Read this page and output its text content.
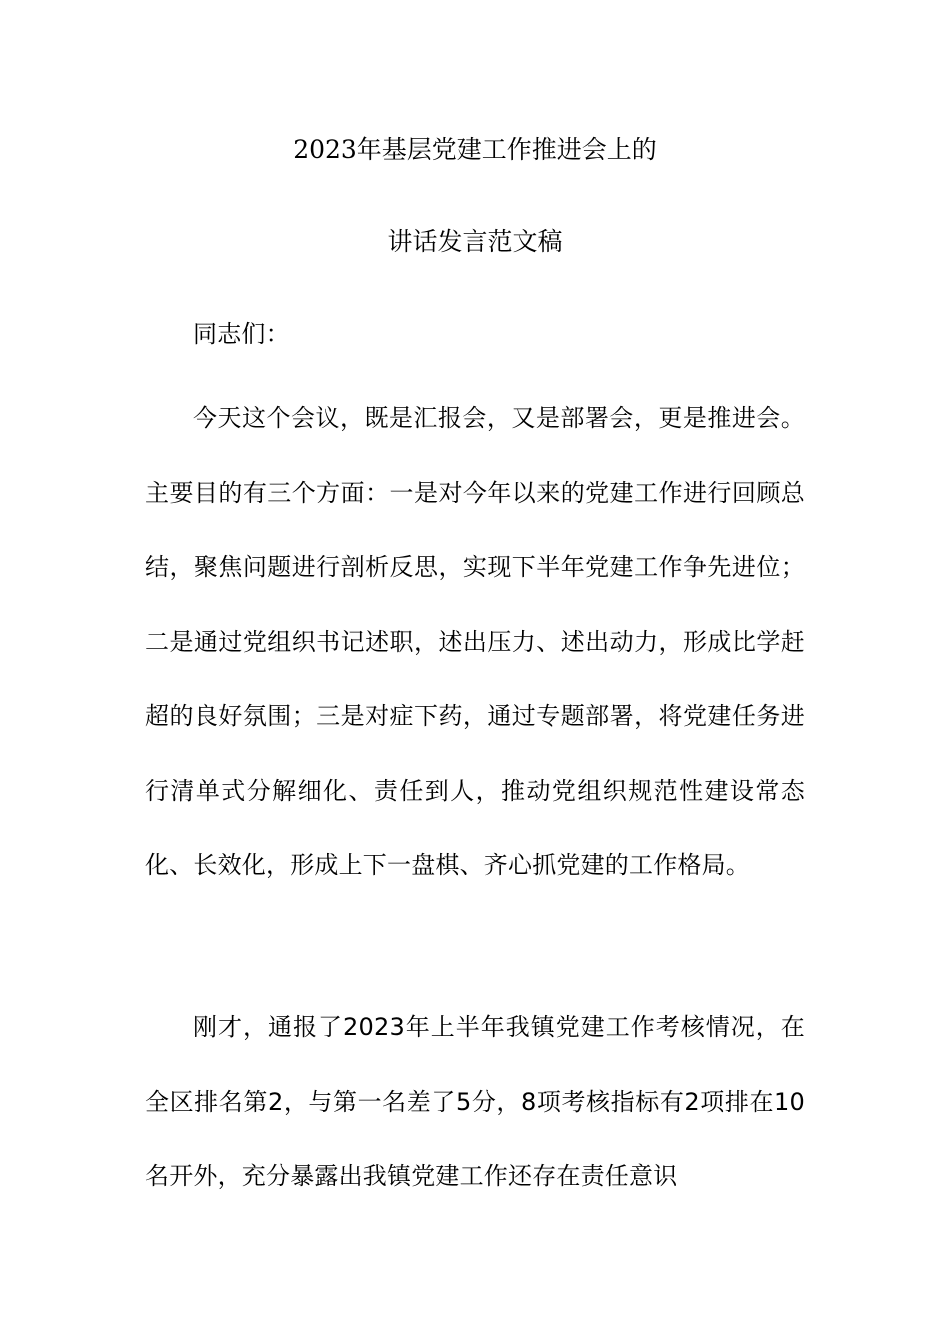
2023年基层党建工作推进会上的
讲话发言范文稿

同志们：

今天这个会议，既是汇报会，又是部署会，更是推进会。主要目的有三个方面：一是对今年以来的党建工作进行回顾总结，聚焦问题进行剖析反思，实现下半年党建工作争先进位；二是通过党组织书记述职，述出压力、述出动力，形成比学赶超的良好氛围；三是对症下药，通过专题部署，将党建任务进行清单式分解细化、责任到人，推动党组织规范性建设常态化、长效化，形成上下一盘棋、齐心抓党建的工作格局。

刚才，通报了2023年上半年我镇党建工作考核情况，在全区排名第2，与第一名差了5分，8项考核指标有2项排在10名开外，充分暴露出我镇党建工作还存在责任意识
